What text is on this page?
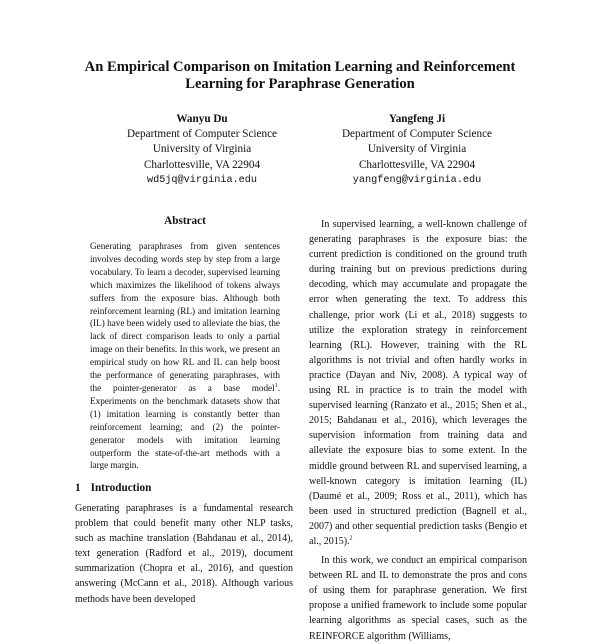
An Empirical Comparison on Imitation Learning and Reinforcement
Learning for Paraphrase Generation
Wanyu Du
Department of Computer Science
University of Virginia
Charlottesville, VA 22904
wd5jq@virginia.edu
Yangfeng Ji
Department of Computer Science
University of Virginia
Charlottesville, VA 22904
yangfeng@virginia.edu
Abstract
Generating paraphrases from given sentences involves decoding words step by step from a large vocabulary. To learn a decoder, supervised learning which maximizes the likelihood of tokens always suffers from the exposure bias. Although both reinforcement learning (RL) and imitation learning (IL) have been widely used to alleviate the bias, the lack of direct comparison leads to only a partial image on their benefits. In this work, we present an empirical study on how RL and IL can help boost the performance of generating paraphrases, with the pointer-generator as a base model$^1$. Experiments on the benchmark datasets show that (1) imitation learning is constantly better than reinforcement learning; and (2) the pointer-generator models with imitation learning outperform the state-of-the-art methods with a large margin.
1 Introduction

Generating paraphrases is a fundamental research problem that could benefit many other NLP tasks, such as machine translation (Bahdanau et al., 2014), text generation (Radford et al., 2019), document summarization (Chopra et al., 2016), and question answering (McCann et al., 2018). Although various methods have been developed

In supervised learning, a well-known challenge of generating paraphrases is the exposure bias: the current prediction is conditioned on the ground truth during training but on previous predictions during decoding, which may accumulate and propagate the error when generating the text. To address this challenge, prior work (Li et al., 2018) suggests to utilize the exploration strategy in reinforcement learning (RL). However, training with the RL algorithms is not trivial and often hardly works in practice (Dayan and Niv, 2008). A typical way of using RL in practice is to train the model with supervised learning (Ranzato et al., 2015; Shen et al., 2015; Bahdanau et al., 2016), which leverages the supervision information from training data and alleviate the exposure bias to some extent. In the middle ground between RL and supervised learning, a well-known category is imitation learning (IL) (Daumé et al., 2009; Ross et al., 2011), which has been used in structured prediction (Bagnell et al., 2007) and other sequential prediction tasks (Bengio et al., 2015).$^2$

In this work, we conduct an empirical comparison between RL and IL to demonstrate the pros and cons of using them for paraphrase generation. We first propose a unified framework to include some popular learning algorithms as special cases, such as the REINFORCE algorithm (Williams,
